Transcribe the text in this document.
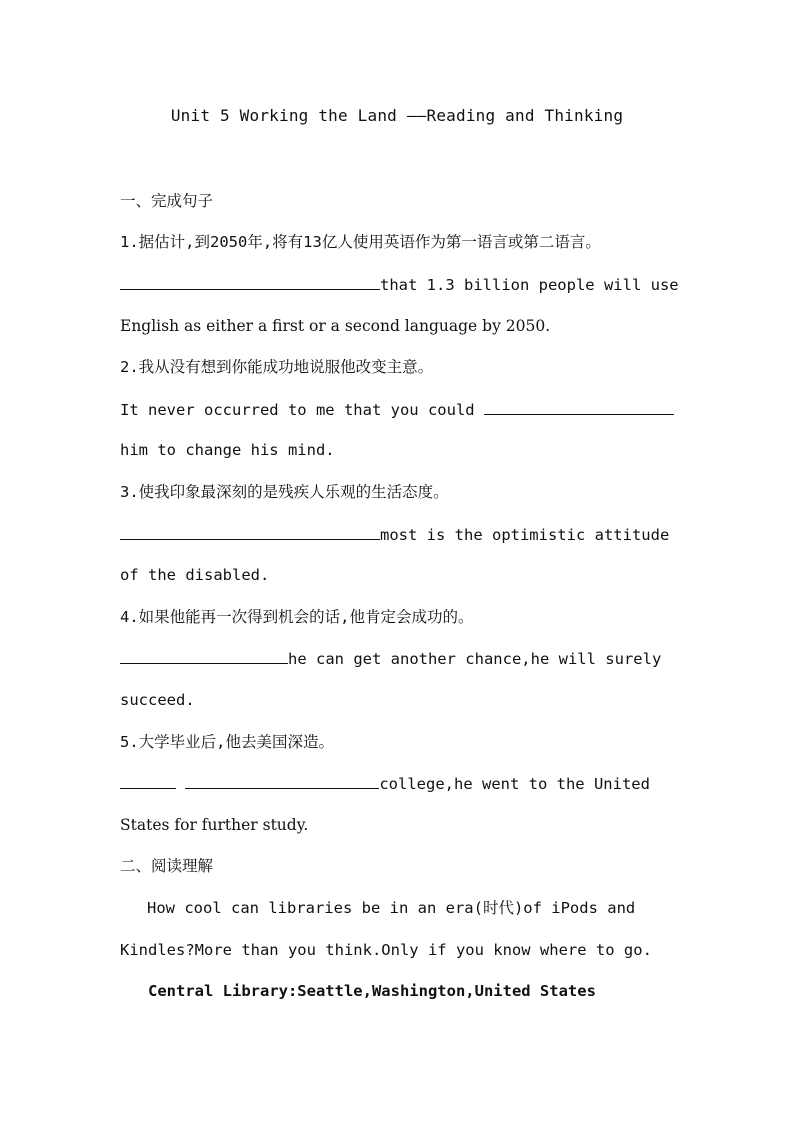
Unit 5 Working the Land ——Reading and Thinking
一、完成句子
1.据估计,到2050年,将有13亿人使用英语作为第一语言或第二语言。
that 1.3 billion people will use
English as either a first or a second language by 2050.
2.我从没有想到你能成功地说服他改变主意。
It never occurred to me that you could
him to change his mind.
3.使我印象最深刻的是残疾人乐观的生活态度。
most is the optimistic attitude
of the disabled.
4.如果他能再一次得到机会的话,他肯定会成功的。
he can get another chance,he will surely
succeed.
5.大学毕业后,他去美国深造。
college,he went to the United
States for further study.
二、阅读理解
How cool can libraries be in an era(时代)of iPods and
Kindles?More than you think.Only if you know where to go.
Central Library:Seattle,Washington,United States
